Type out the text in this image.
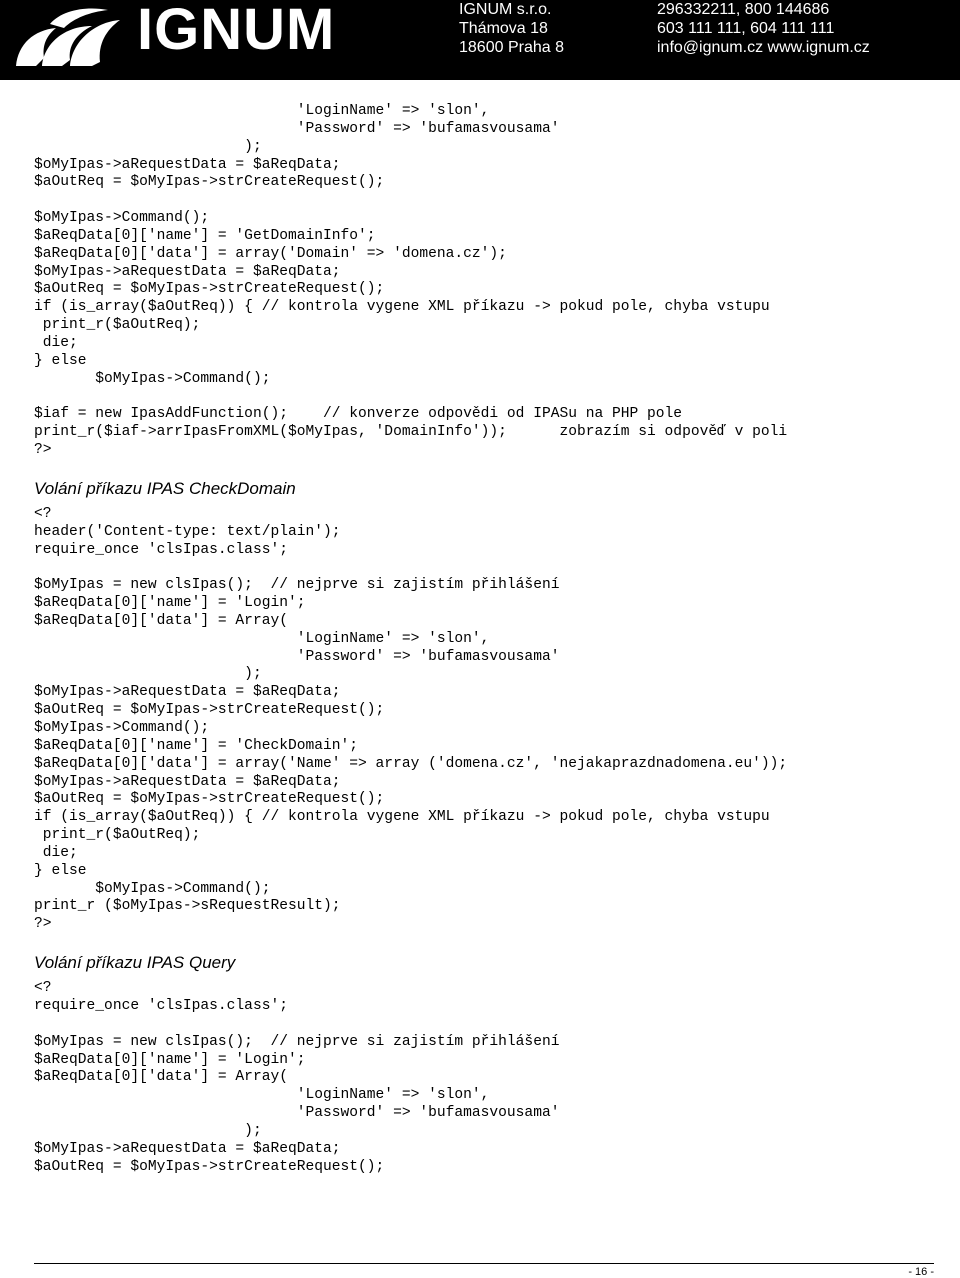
IGNUM	IGNUM s.r.o.
Thámova 18
18600 Praha 8
296332211, 800 144686
603 111 111, 604 111 111
info@ignum.cz www.ignum.cz
'LoginName' => 'slon',
'Password' => 'bufamasvousama'
);
$oMyIpas->aRequestData = $aReqData;
$aOutReq = $oMyIpas->strCreateRequest();

$oMyIpas->Command();
$aReqData[0]['name'] = 'GetDomainInfo';
$aReqData[0]['data'] = array('Domain' => 'domena.cz');
$oMyIpas->aRequestData = $aReqData;
$aOutReq = $oMyIpas->strCreateRequest();
if (is_array($aOutReq)) { // kontrola vygene XML příkazu -> pokud pole, chyba vstupu
print_r($aOutReq);
die;
} else
$oMyIpas->Command();

$iaf = new IpasAddFunction();    // konverze odpovědi od IPASu na PHP pole
print_r($iaf->arrIpasFromXML($oMyIpas, 'DomainInfo'));      zobrazím si odpověď v poli
?>
Volání příkazu IPAS CheckDomain
<?
header('Content-type: text/plain');
require_once 'clsIpas.class';

$oMyIpas = new clsIpas();  // nejprve si zajistím přihlášení
$aReqData[0]['name'] = 'Login';
$aReqData[0]['data'] = Array(
'LoginName' => 'slon',
'Password' => 'bufamasvousama'
);
$oMyIpas->aRequestData = $aReqData;
$aOutReq = $oMyIpas->strCreateRequest();
$oMyIpas->Command();
$aReqData[0]['name'] = 'CheckDomain';
$aReqData[0]['data'] = array('Name' => array ('domena.cz', 'nejakaprazdnadomena.eu'));
$oMyIpas->aRequestData = $aReqData;
$aOutReq = $oMyIpas->strCreateRequest();
if (is_array($aOutReq)) { // kontrola vygene XML příkazu -> pokud pole, chyba vstupu
print_r($aOutReq);
die;
} else
$oMyIpas->Command();
print_r ($oMyIpas->sRequestResult);
?>
Volání příkazu IPAS Query
<?
require_once 'clsIpas.class';

$oMyIpas = new clsIpas();  // nejprve si zajistím přihlášení
$aReqData[0]['name'] = 'Login';
$aReqData[0]['data'] = Array(
'LoginName' => 'slon',
'Password' => 'bufamasvousama'
);
$oMyIpas->aRequestData = $aReqData;
$aOutReq = $oMyIpas->strCreateRequest();
- 16 -
